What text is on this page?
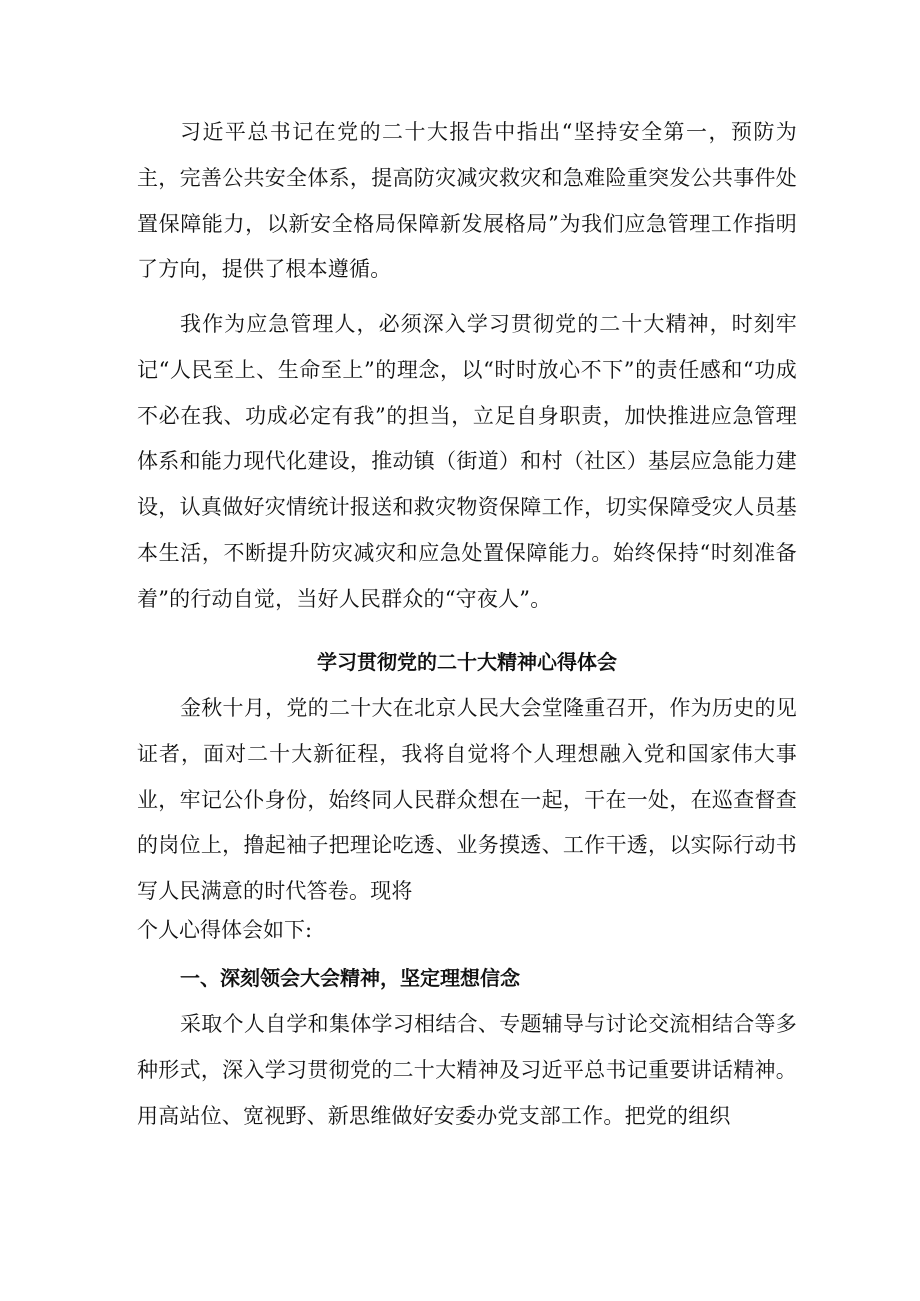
习近平总书记在党的二十大报告中指出“坚持安全第一，预防为主，完善公共安全体系，提高防灾减灾救灾和急难险重突发公共事件处置保障能力，以新安全格局保障新发展格局”为我们应急管理工作指明了方向，提供了根本遵循。

我作为应急管理人，必须深入学习贯彻党的二十大精神，时刻牢记“人民至上、生命至上”的理念，以“时时放心不下”的责任感和“功成不必在我、功成必定有我”的担当，立足自身职责，加快推进应急管理体系和能力现代化建设，推动镇（街道）和村（社区）基层应急能力建设，认真做好灾情统计报送和救灾物资保障工作，切实保障受灾人员基本生活，不断提升防灾减灾和应急处置保障能力。始终保持“时刻准备着”的行动自觉，当好人民群众的“守夜人”。

学习贯彻党的二十大精神心得体会

金秋十月，党的二十大在北京人民大会堂隆重召开，作为历史的见证者，面对二十大新征程，我将自觉将个人理想融入党和国家伟大事业，牢记公仆身份，始终同人民群众想在一起，干在一处，在巡查督查的岗位上，撸起袖子把理论吃透、业务摸透、工作干透，以实际行动书写人民满意的时代答卷。现将

个人心得体会如下:

一、深刻领会大会精神，坚定理想信念

采取个人自学和集体学习相结合、专题辅导与讨论交流相结合等多种形式，深入学习贯彻党的二十大精神及习近平总书记重要讲话精神。用高站位、宽视野、新思维做好安委办党支部工作。把党的组织
